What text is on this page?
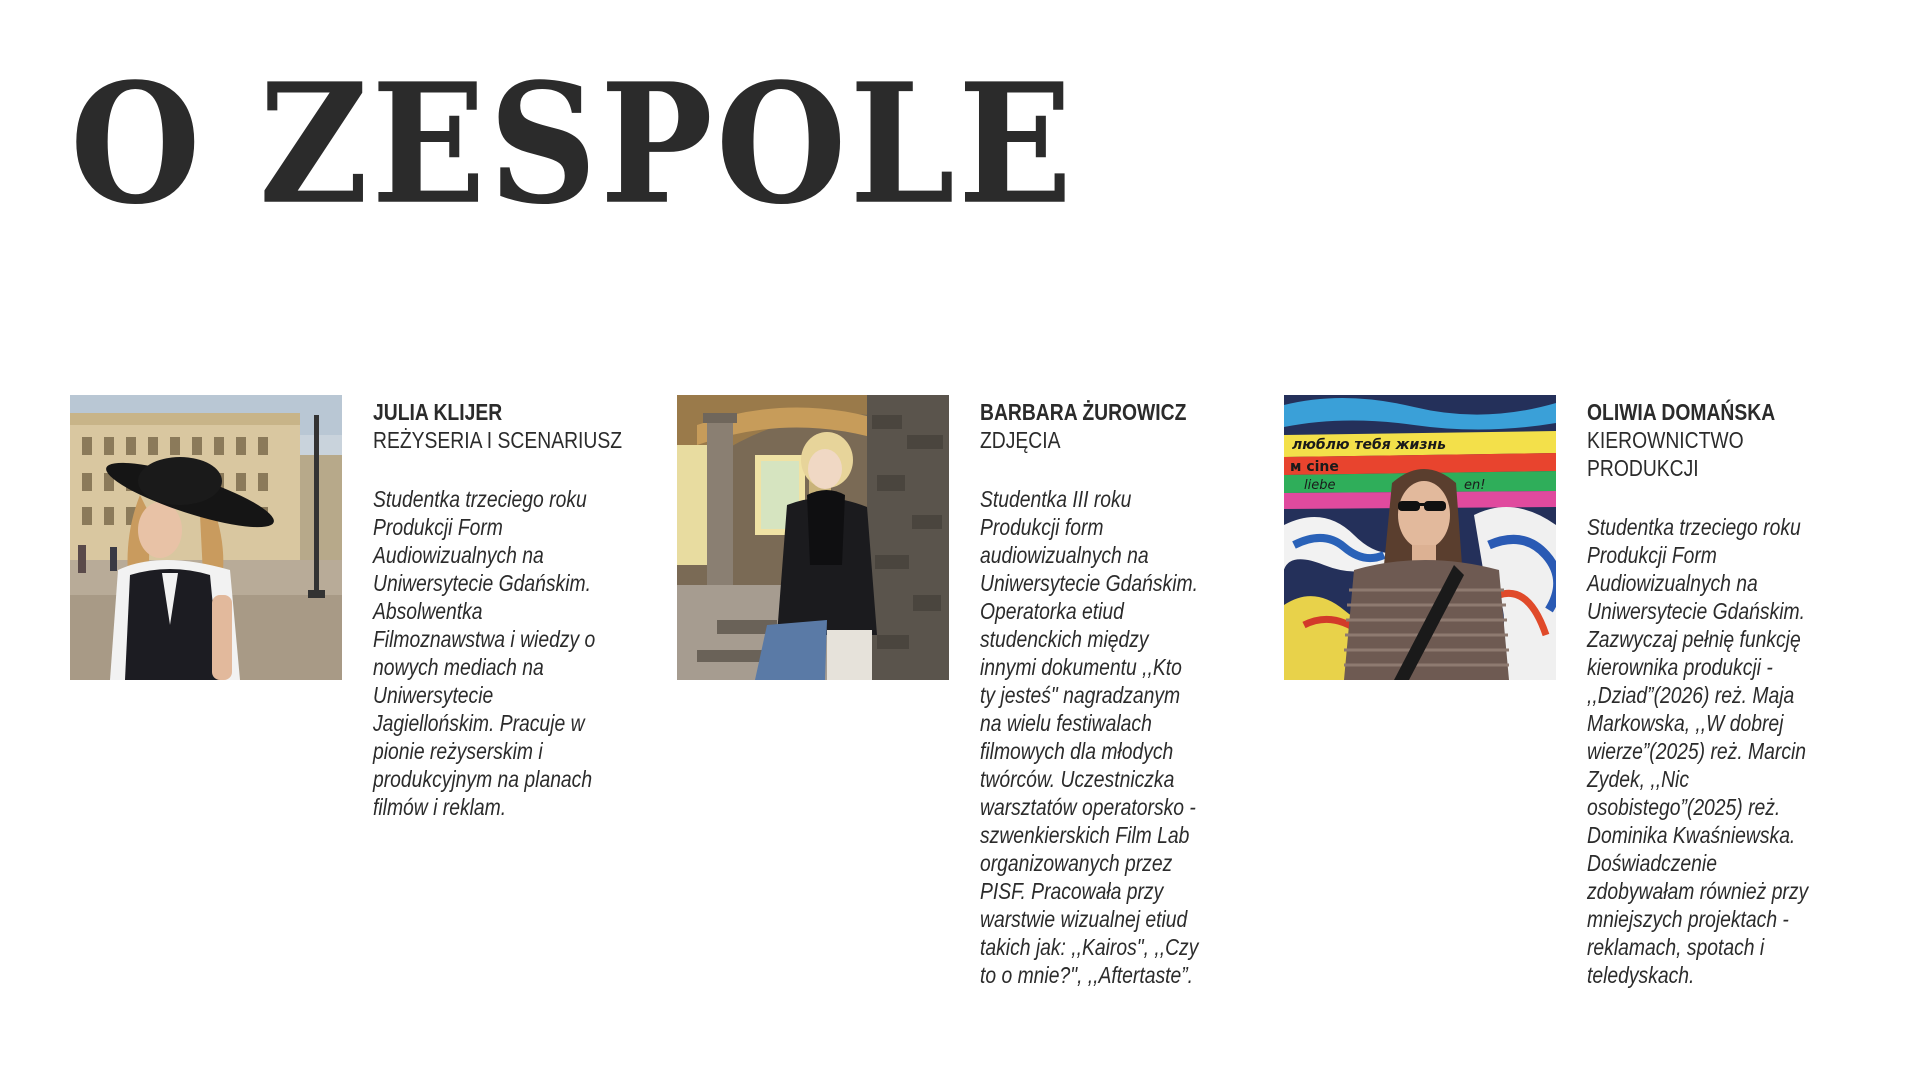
O ZESPOLE
JULIA KLIJER
REŻYSERIA I SCENARIUSZ
Studentka trzeciego roku
Produkcji Form
Audiowizualnych na
Uniwersytecie Gdańskim.
Absolwentka
Filmoznawstwa i wiedzy o
nowych mediach na
Uniwersytecie
Jagiellońskim. Pracuje w
pionie reżyserskim i
produkcyjnym na planach
filmów i reklam.
BARBARA ŻUROWICZ
ZDJĘCIA
Studentka III roku
Produkcji form
audiowizualnych na
Uniwersytecie Gdańskim.
Operatorka etiud
studenckich między
innymi dokumentu ,,Kto
ty jesteś" nagradzanym
na wielu festiwalach
filmowych dla młodych
twórców. Uczestniczka
warsztatów operatorsko -
szwenkierskich Film Lab
organizowanych przez
PISF. Pracowała przy
warstwie wizualnej etiud
takich jak: ,,Kairos", ,,Czy
to o mnie?", ,,Aftertaste”.
люблю тебя жизнь
м сine
liebe	en!
OLIWIA DOMAŃSKA
KIEROWNICTWO
PRODUKCJI
Studentka trzeciego roku
Produkcji Form
Audiowizualnych na
Uniwersytecie Gdańskim.
Zazwyczaj pełnię funkcję
kierownika produkcji -
,,Dziad”(2026) reż. Maja
Markowska, ,,W dobrej
wierze”(2025) reż. Marcin
Zydek, ,,Nic
osobistego”(2025) reż.
Dominika Kwaśniewska.
Doświadczenie
zdobywałam również przy
mniejszych projektach -
reklamach, spotach i
teledyskach.
